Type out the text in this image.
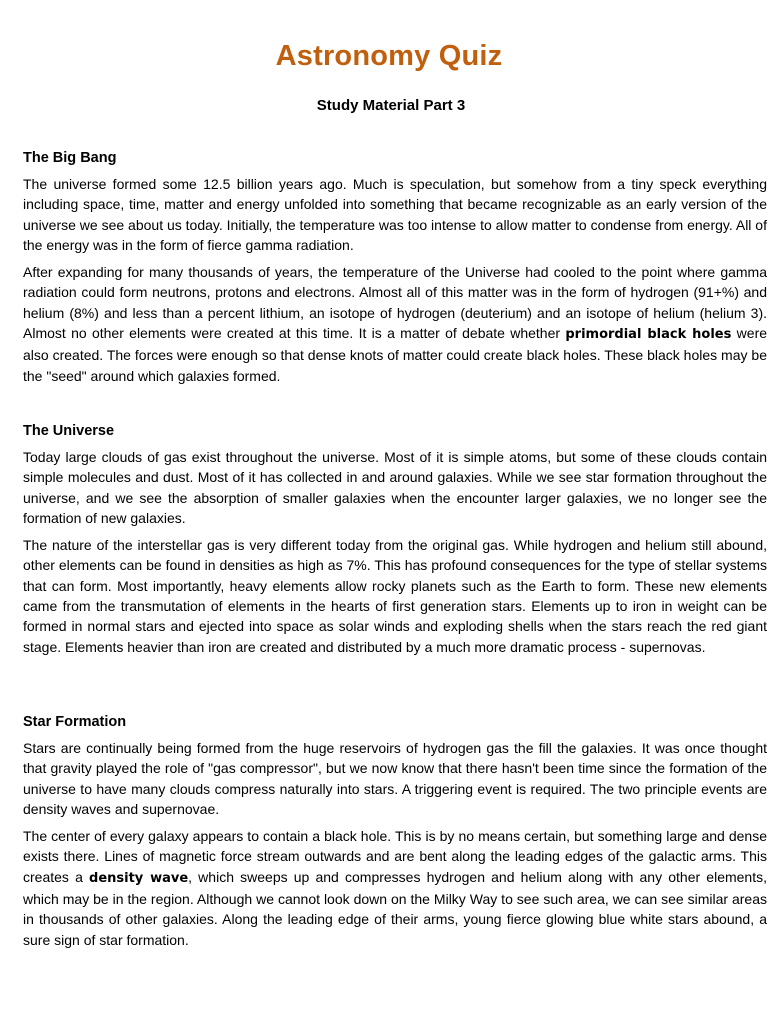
Astronomy Quiz
Study Material Part 3
The Big Bang

The universe formed some 12.5 billion years ago. Much is speculation, but somehow from a tiny speck everything including space, time, matter and energy unfolded into something that became recognizable as an early version of the universe we see about us today. Initially, the temperature was too intense to allow matter to condense from energy. All of the energy was in the form of fierce gamma radiation.

After expanding for many thousands of years, the temperature of the Universe had cooled to the point where gamma radiation could form neutrons, protons and electrons. Almost all of this matter was in the form of hydrogen (91+%) and helium (8%) and less than a percent lithium, an isotope of hydrogen (deuterium) and an isotope of helium (helium 3). Almost no other elements were created at this time. It is a matter of debate whether primordial black holes were also created. The forces were enough so that dense knots of matter could create black holes. These black holes may be the "seed" around which galaxies formed.

The Universe

Today large clouds of gas exist throughout the universe. Most of it is simple atoms, but some of these clouds contain simple molecules and dust. Most of it has collected in and around galaxies. While we see star formation throughout the universe, and we see the absorption of smaller galaxies when the encounter larger galaxies, we no longer see the formation of new galaxies.

The nature of the interstellar gas is very different today from the original gas. While hydrogen and helium still abound, other elements can be found in densities as high as 7%. This has profound consequences for the type of stellar systems that can form. Most importantly, heavy elements allow rocky planets such as the Earth to form. These new elements came from the transmutation of elements in the hearts of first generation stars. Elements up to iron in weight can be formed in normal stars and ejected into space as solar winds and exploding shells when the stars reach the red giant stage. Elements heavier than iron are created and distributed by a much more dramatic process - supernovas.

Star Formation

Stars are continually being formed from the huge reservoirs of hydrogen gas the fill the galaxies. It was once thought that gravity played the role of "gas compressor", but we now know that there hasn't been time since the formation of the universe to have many clouds compress naturally into stars. A triggering event is required. The two principle events are density waves and supernovae.

The center of every galaxy appears to contain a black hole. This is by no means certain, but something large and dense exists there. Lines of magnetic force stream outwards and are bent along the leading edges of the galactic arms. This creates a density wave, which sweeps up and compresses hydrogen and helium along with any other elements, which may be in the region. Although we cannot look down on the Milky Way to see such area, we can see similar areas in thousands of other galaxies. Along the leading edge of their arms, young fierce glowing blue white stars abound, a sure sign of star formation.
